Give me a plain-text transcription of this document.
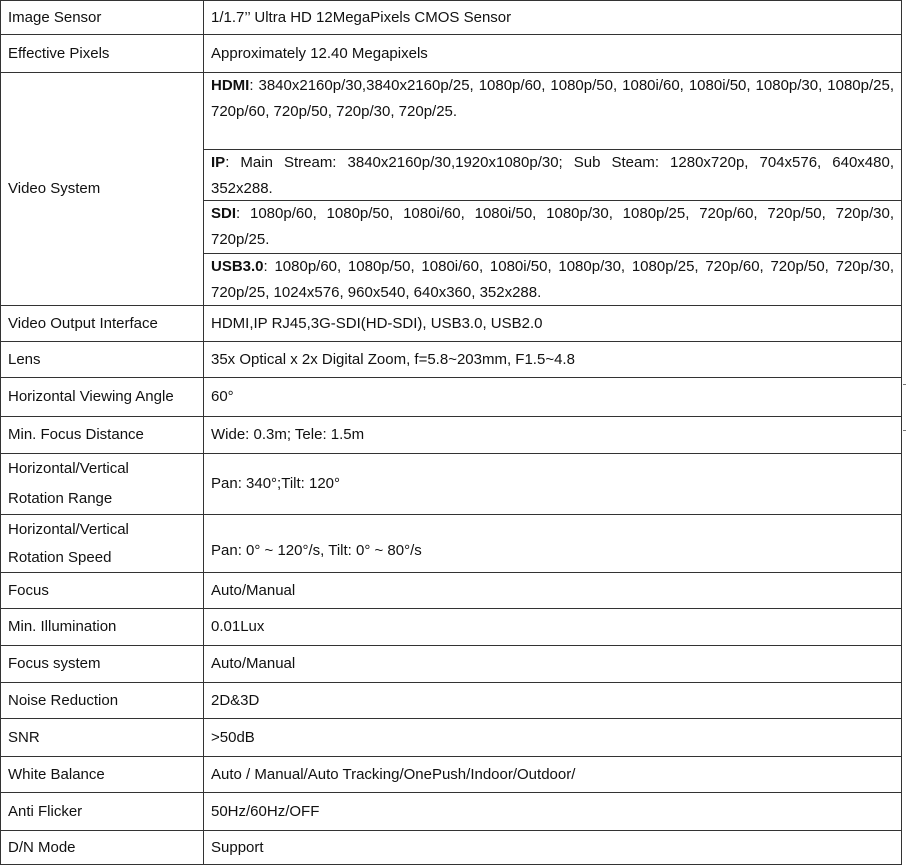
Image Sensor	1/1.7’’ Ultra HD 12MegaPixels CMOS Sensor
Effective Pixels	Approximately 12.40 Megapixels
Video System	HDMI: 3840x2160p/30,3840x2160p/25, 1080p/60, 1080p/50, 1080i/60, 1080i/50, 1080p/30, 1080p/25, 720p/60, 720p/50, 720p/30, 720p/25.
IP: Main Stream: 3840x2160p/30,1920x1080p/30; Sub Steam: 1280x720p, 704x576, 640x480, 352x288.
SDI: 1080p/60, 1080p/50, 1080i/60, 1080i/50, 1080p/30, 1080p/25, 720p/60, 720p/50, 720p/30, 720p/25.
USB3.0: 1080p/60, 1080p/50, 1080i/60, 1080i/50, 1080p/30, 1080p/25, 720p/60, 720p/50, 720p/30, 720p/25, 1024x576, 960x540, 640x360, 352x288.

Video Output Interface	HDMI,IP RJ45,3G-SDI(HD-SDI), USB3.0, USB2.0
Lens	35x Optical x 2x Digital Zoom, f=5.8~203mm, F1.5~4.8
Horizontal Viewing Angle	60°
Min. Focus Distance	Wide: 0.3m; Tele: 1.5m
Horizontal/Vertical
Rotation Range	Pan: 340°;Tilt: 120°
Horizontal/Vertical
Rotation Speed	Pan: 0° ~ 120°/s, Tilt: 0° ~ 80°/s
Focus	Auto/Manual
Min. Illumination	0.01Lux
Focus system	Auto/Manual
Noise Reduction	2D&3D
SNR	>50dB
White Balance	Auto / Manual/Auto Tracking/OnePush/Indoor/Outdoor/
Anti Flicker	50Hz/60Hz/OFF
D/N Mode	Support
